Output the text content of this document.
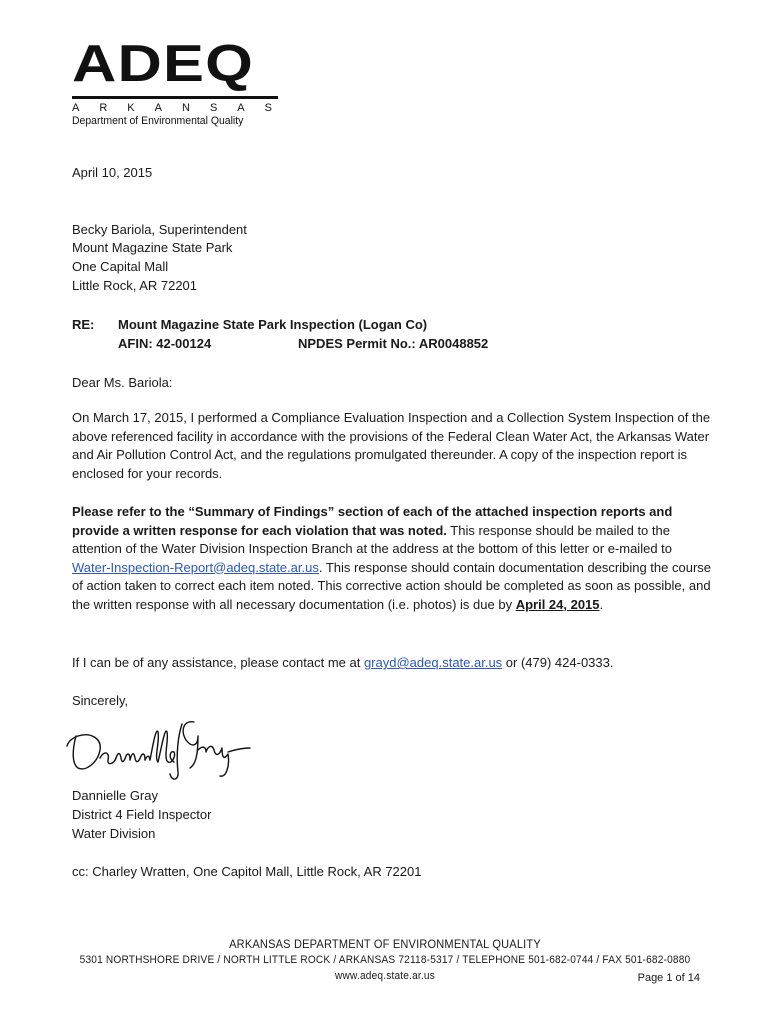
ADEQ
A R K A N S A S
Department of Environmental Quality
April 10, 2015
Becky Bariola, Superintendent
Mount Magazine State Park
One Capital Mall
Little Rock, AR 72201
RE: Mount Magazine State Park Inspection (Logan Co)
AFIN: 42-00124	NPDES Permit No.: AR0048852
Dear Ms. Bariola:
On March 17, 2015, I performed a Compliance Evaluation Inspection and a Collection System Inspection of the above referenced facility in accordance with the provisions of the Federal Clean Water Act, the Arkansas Water and Air Pollution Control Act, and the regulations promulgated thereunder. A copy of the inspection report is enclosed for your records.
Please refer to the “Summary of Findings” section of each of the attached inspection reports and provide a written response for each violation that was noted. This response should be mailed to the attention of the Water Division Inspection Branch at the address at the bottom of this letter or e-mailed to Water-Inspection-Report@adeq.state.ar.us. This response should contain documentation describing the course of action taken to correct each item noted. This corrective action should be completed as soon as possible, and the written response with all necessary documentation (i.e. photos) is due by April 24, 2015.
If I can be of any assistance, please contact me at grayd@adeq.state.ar.us or (479) 424-0333.
Sincerely,
Dannielle Gray
Dannielle Gray
District 4 Field Inspector
Water Division
cc: Charley Wratten, One Capitol Mall, Little Rock, AR 72201
ARKANSAS DEPARTMENT OF ENVIRONMENTAL QUALITY
5301 NORTHSHORE DRIVE / NORTH LITTLE ROCK / ARKANSAS 72118-5317 / TELEPHONE 501-682-0744 / FAX 501-682-0880
www.adeq.state.ar.us	Page 1 of 14
